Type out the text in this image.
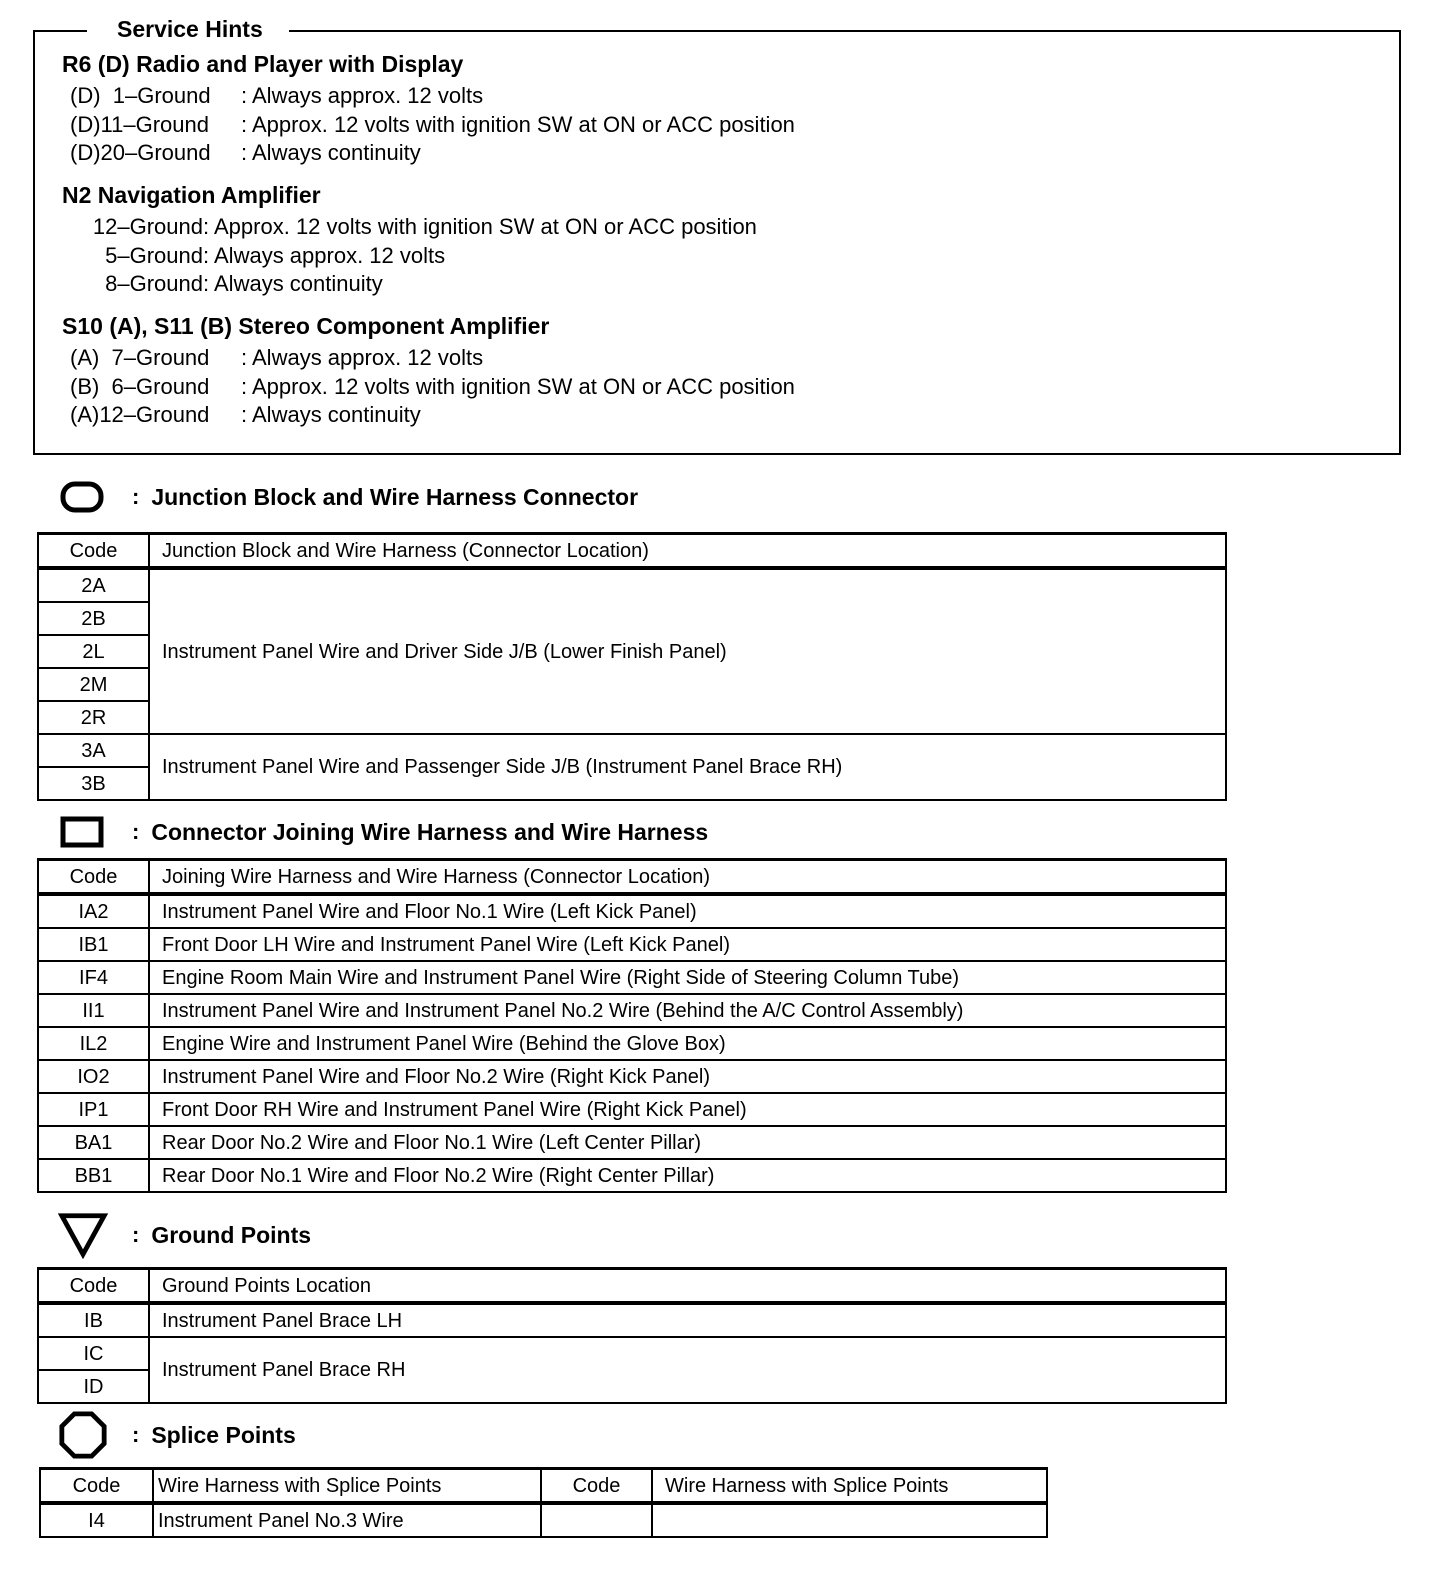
Service Hints
R6 (D) Radio and Player with Display
(D)  1–Ground : Always approx. 12 volts
(D)11–Ground : Approx. 12 volts with ignition SW at ON or ACC position
(D)20–Ground : Always continuity
N2 Navigation Amplifier
12–Ground: Approx. 12 volts with ignition SW at ON or ACC position
5–Ground: Always approx. 12 volts
8–Ground: Always continuity
S10 (A), S11 (B) Stereo Component Amplifier
(A)  7–Ground : Always approx. 12 volts
(B)  6–Ground : Approx. 12 volts with ignition SW at ON or ACC position
(A)12–Ground : Always continuity
: Junction Block and Wire Harness Connector
Code	Junction Block and Wire Harness (Connector Location)
2A	Instrument Panel Wire and Driver Side J/B (Lower Finish Panel)
2B	
2L	
2M	
2R	
3A	Instrument Panel Wire and Passenger Side J/B (Instrument Panel Brace RH)
3B	
: Connector Joining Wire Harness and Wire Harness
Code	Joining Wire Harness and Wire Harness (Connector Location)
IA2	Instrument Panel Wire and Floor No.1 Wire (Left Kick Panel)
IB1	Front Door LH Wire and Instrument Panel Wire (Left Kick Panel)
IF4	Engine Room Main Wire and Instrument Panel Wire (Right Side of Steering Column Tube)
II1	Instrument Panel Wire and Instrument Panel No.2 Wire (Behind the A/C Control Assembly)
IL2	Engine Wire and Instrument Panel Wire (Behind the Glove Box)
IO2	Instrument Panel Wire and Floor No.2 Wire (Right Kick Panel)
IP1	Front Door RH Wire and Instrument Panel Wire (Right Kick Panel)
BA1	Rear Door No.2 Wire and Floor No.1 Wire (Left Center Pillar)
BB1	Rear Door No.1 Wire and Floor No.2 Wire (Right Center Pillar)
: Ground Points
Code	Ground Points Location
IB	Instrument Panel Brace LH
IC	Instrument Panel Brace RH
ID	
: Splice Points
Code	Wire Harness with Splice Points	Code	Wire Harness with Splice Points
I4	Instrument Panel No.3 Wire		
